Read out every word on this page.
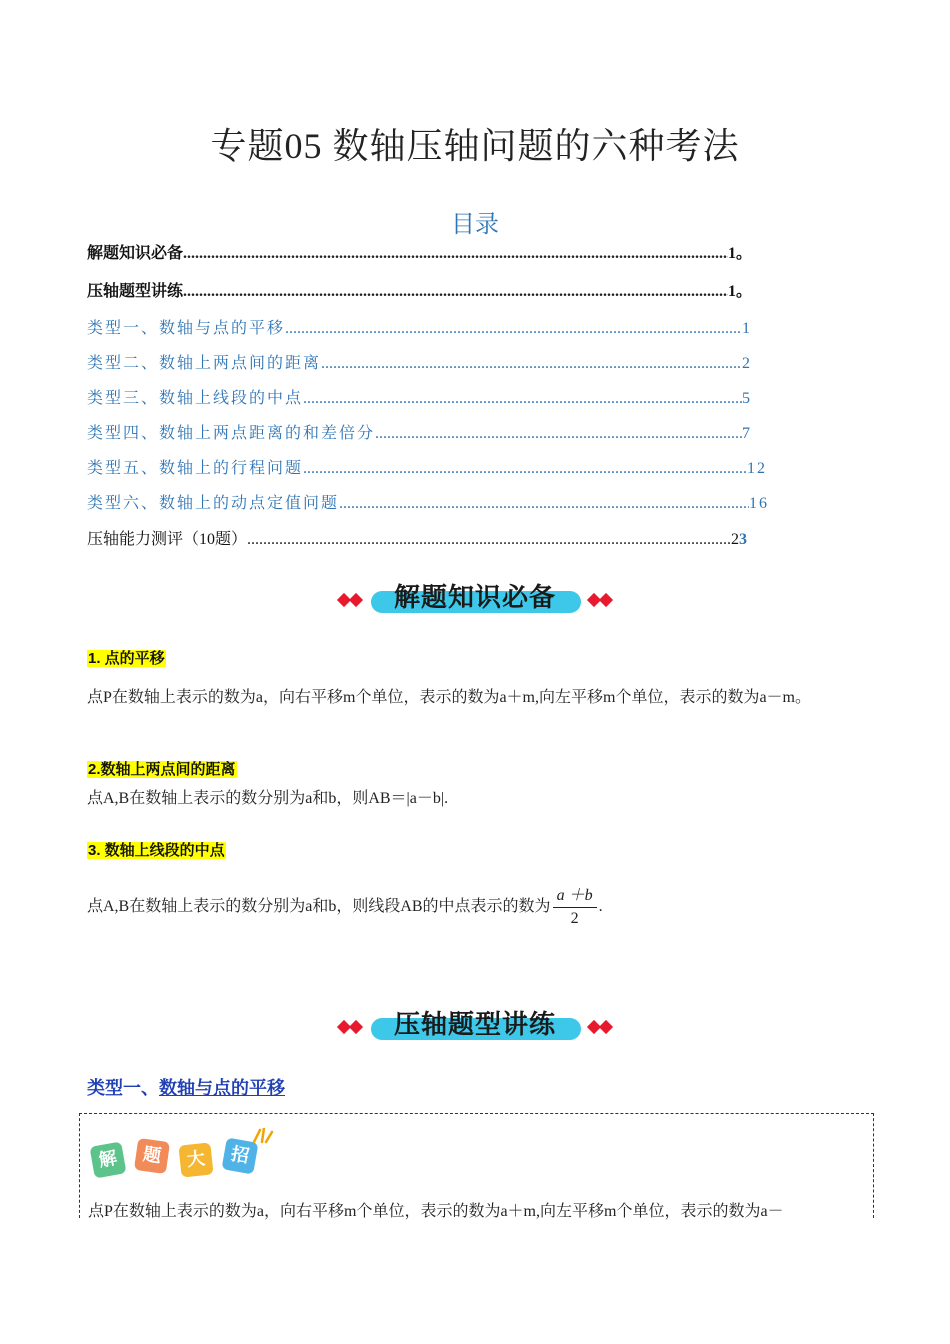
专题05 数轴压轴问题的六种考法
目录
解题知识必备 .....	1。
压轴题型讲练 .....	1。
类型一、数轴与点的平移 .....	1
类型二、数轴上两点间的距离 .....	2
类型三、数轴上线段的中点 .....	5
类型四、数轴上两点距离的和差倍分 .....	7
类型五、数轴上的行程问题 .....	12
类型六、数轴上的动点定值问题 .....	16
压轴能力测评（10题） .....	23
解题知识必备
1. 点的平移
点P在数轴上表示的数为a，向右平移m个单位，表示的数为a＋m,向左平移m个单位，表示的数为a－m。
2.数轴上两点间的距离
点A,B在数轴上表示的数分别为a和b，则AB＝|a－b|.
3. 数轴上线段的中点
点A,B在数轴上表示的数分别为a和b，则线段AB的中点表示的数为 $\frac{a +b}{2}$ .
压轴题型讲练
类型一、数轴与点的平移
解	题	大	招
点P在数轴上表示的数为a，向右平移m个单位，表示的数为a＋m,向左平移m个单位，表示的数为a－
